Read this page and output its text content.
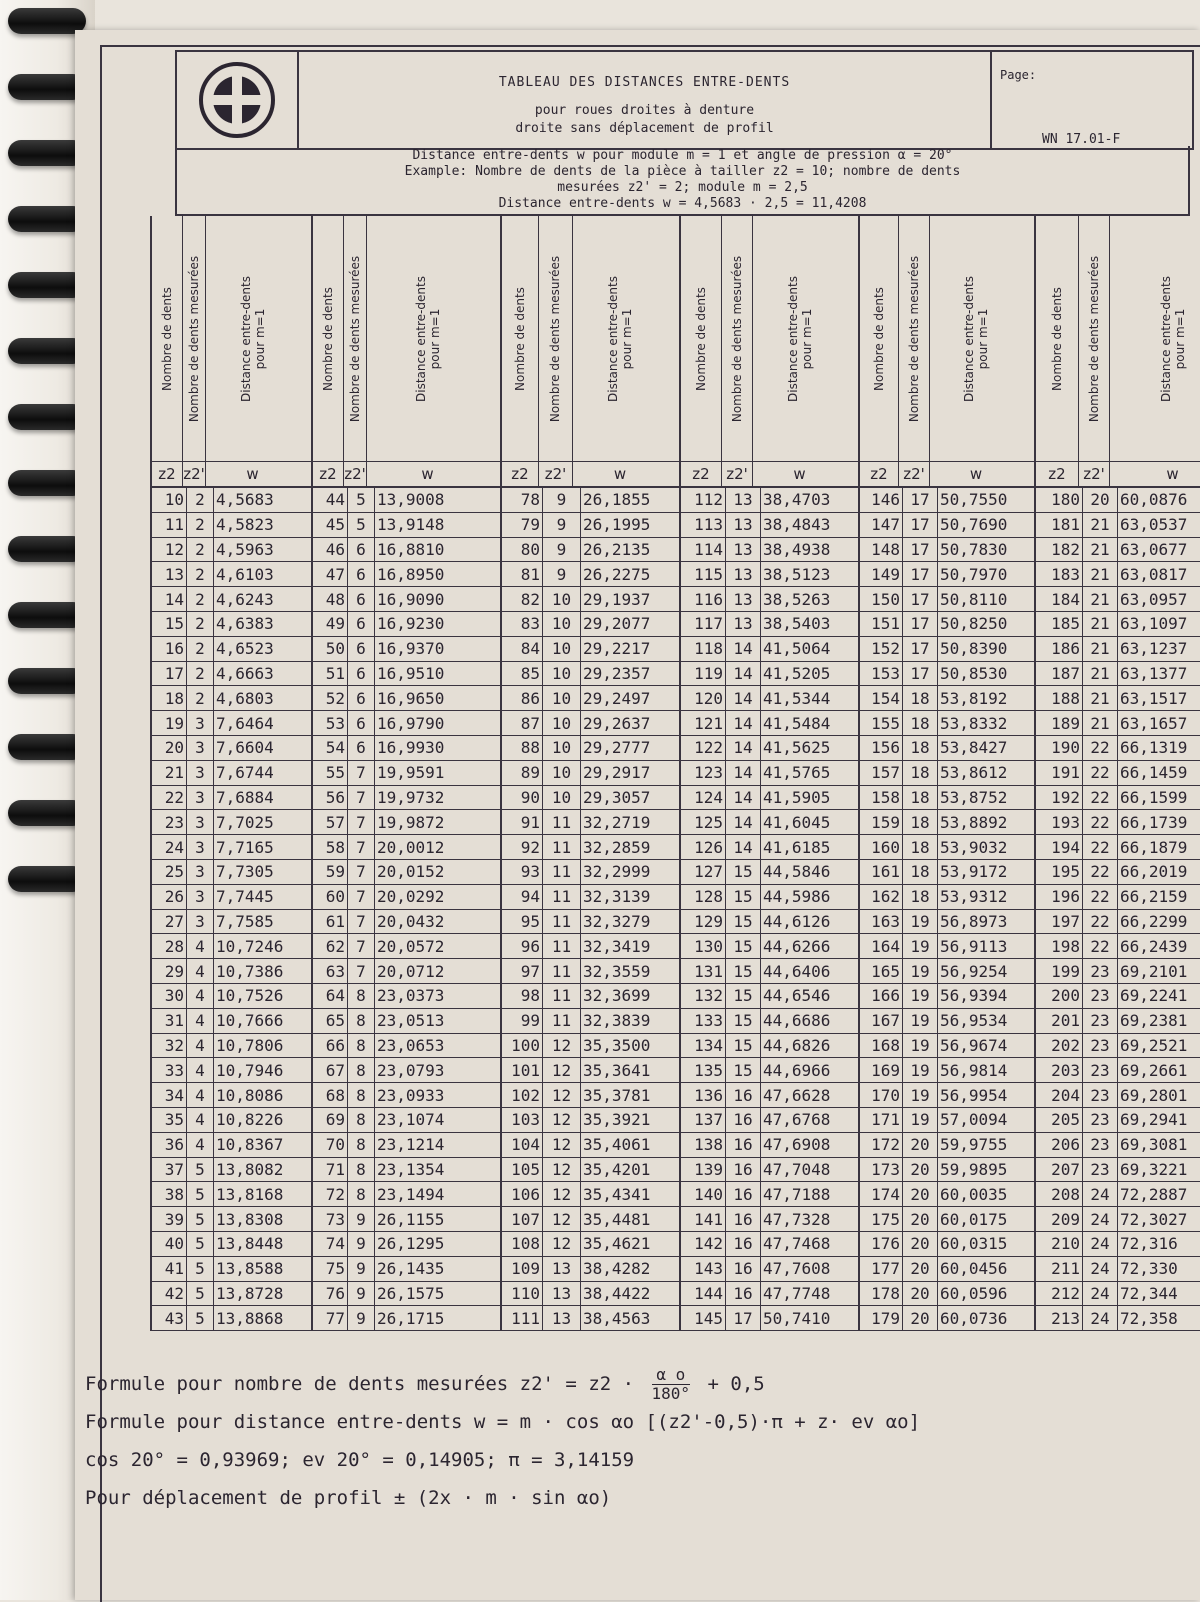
TABLEAU DES DISTANCES ENTRE-DENTS
pour roues droites à denture
droite sans déplacement de profil
Page:
WN 17.01-F
Distance entre-dents w pour module m = 1 et angle de pression α = 20°
Example: Nombre de dents de la pièce à tailler z2 = 10; nombre de dents
mesurées z2' = 2; module m = 2,5
Distance entre-dents w = 4,5683 · 2,5 = 11,4208
Nombre de dents Nombre de dents mesurées	Distance entre-dents pour m=1
z2 z2'	w
10 2 4,5683
11 2 4,5823
12 2 4,5963
13 2 4,6103
14 2 4,6243
15 2 4,6383
16 2 4,6523
17 2 4,6663
18 2 4,6803
19 3 7,6464
20 3 7,6604
21 3 7,6744
22 3 7,6884
23 3 7,7025
24 3 7,7165
25 3 7,7305
26 3 7,7445
27 3 7,7585
28 4 10,7246
29 4 10,7386
30 4 10,7526
31 4 10,7666
32 4 10,7806
33 4 10,7946
34 4 10,8086
35 4 10,8226
36 4 10,8367
37 5 13,8082
38 5 13,8168
39 5 13,8308
40 5 13,8448
41 5 13,8588
42 5 13,8728
43 5 13,8868
Nombre de dents Nombre de dents mesurées	Distance entre-dents pour m=1
z2 z2'	w
44 5 13,9008
45 5 13,9148
46 6 16,8810
47 6 16,8950
48 6 16,9090
49 6 16,9230
50 6 16,9370
51 6 16,9510
52 6 16,9650
53 6 16,9790
54 6 16,9930
55 7 19,9591
56 7 19,9732
57 7 19,9872
58 7 20,0012
59 7 20,0152
60 7 20,0292
61 7 20,0432
62 7 20,0572
63 7 20,0712
64 8 23,0373
65 8 23,0513
66 8 23,0653
67 8 23,0793
68 8 23,0933
69 8 23,1074
70 8 23,1214
71 8 23,1354
72 8 23,1494
73 9 26,1155
74 9 26,1295
75 9 26,1435
76 9 26,1575
77 9 26,1715
Nombre de dents Nombre de dents mesurées	Distance entre-dents pour m=1
z2	z2'	w
78	9	26,1855
79	9	26,1995
80	9	26,2135
81	9	26,2275
82 10 29,1937
83 10 29,2077
84 10 29,2217
85 10 29,2357
86 10 29,2497
87 10 29,2637
88 10 29,2777
89 10 29,2917
90 10 29,3057
91 11 32,2719
92 11 32,2859
93 11 32,2999
94 11 32,3139
95 11 32,3279
96 11 32,3419
97 11 32,3559
98 11 32,3699
99 11 32,3839
100 12 35,3500
101 12 35,3641
102 12 35,3781
103 12 35,3921
104 12 35,4061
105 12 35,4201
106 12 35,4341
107 12 35,4481
108 12 35,4621
109 13 38,4282
110 13 38,4422
111 13 38,4563
Nombre de dents Nombre de dents mesurées	Distance entre-dents pour m=1
z2	z2'	w
112 13 38,4703
113 13 38,4843
114 13 38,4938
115 13 38,5123
116 13 38,5263
117 13 38,5403
118 14 41,5064
119 14 41,5205
120 14 41,5344
121 14 41,5484
122 14 41,5625
123 14 41,5765
124 14 41,5905
125 14 41,6045
126 14 41,6185
127 15 44,5846
128 15 44,5986
129 15 44,6126
130 15 44,6266
131 15 44,6406
132 15 44,6546
133 15 44,6686
134 15 44,6826
135 15 44,6966
136 16 47,6628
137 16 47,6768
138 16 47,6908
139 16 47,7048
140 16 47,7188
141 16 47,7328
142 16 47,7468
143 16 47,7608
144 16 47,7748
145 17 50,7410
Nombre de dents Nombre de dents mesurées	Distance entre-dents pour m=1
z2	z2'	w
146 17 50,7550
147 17 50,7690
148 17 50,7830
149 17 50,7970
150 17 50,8110
151 17 50,8250
152 17 50,8390
153 17 50,8530
154 18 53,8192
155 18 53,8332
156 18 53,8427
157 18 53,8612
158 18 53,8752
159 18 53,8892
160 18 53,9032
161 18 53,9172
162 18 53,9312
163 19 56,8973
164 19 56,9113
165 19 56,9254
166 19 56,9394
167 19 56,9534
168 19 56,9674
169 19 56,9814
170 19 56,9954
171 19 57,0094
172 20 59,9755
173 20 59,9895
174 20 60,0035
175 20 60,0175
176 20 60,0315
177 20 60,0456
178 20 60,0596
179 20 60,0736
Nombre de dents Nombre de dents mesurées	Distance entre-dents pour m=1
z2	z2'	w
180 20 60,0876
181 21 63,0537
182 21 63,0677
183 21 63,0817
184 21 63,0957
185 21 63,1097
186 21 63,1237
187 21 63,1377
188 21 63,1517
189 21 63,1657
190 22 66,1319
191 22 66,1459
192 22 66,1599
193 22 66,1739
194 22 66,1879
195 22 66,2019
196 22 66,2159
197 22 66,2299
198 22 66,2439
199 23 69,2101
200 23 69,2241
201 23 69,2381
202 23 69,2521
203 23 69,2661
204 23 69,2801
205 23 69,2941
206 23 69,3081
207 23 69,3221
208 24 72,2887
209 24 72,3027
210 24 72,316
211 24 72,330
212 24 72,344
213 24 72,358

Formule pour nombre de dents mesurées $z2' = z2 \cdot \frac{\text{α o}}{180^\circ} + 0,5$

Formule pour distance entre-dents w = m · cos αo [(z2'-0,5)·π + z· ev αo]

cos 20° = 0,93969; ev 20° = 0,14905; π = 3,14159

Pour déplacement de profil ± (2x · m · sin αo)
